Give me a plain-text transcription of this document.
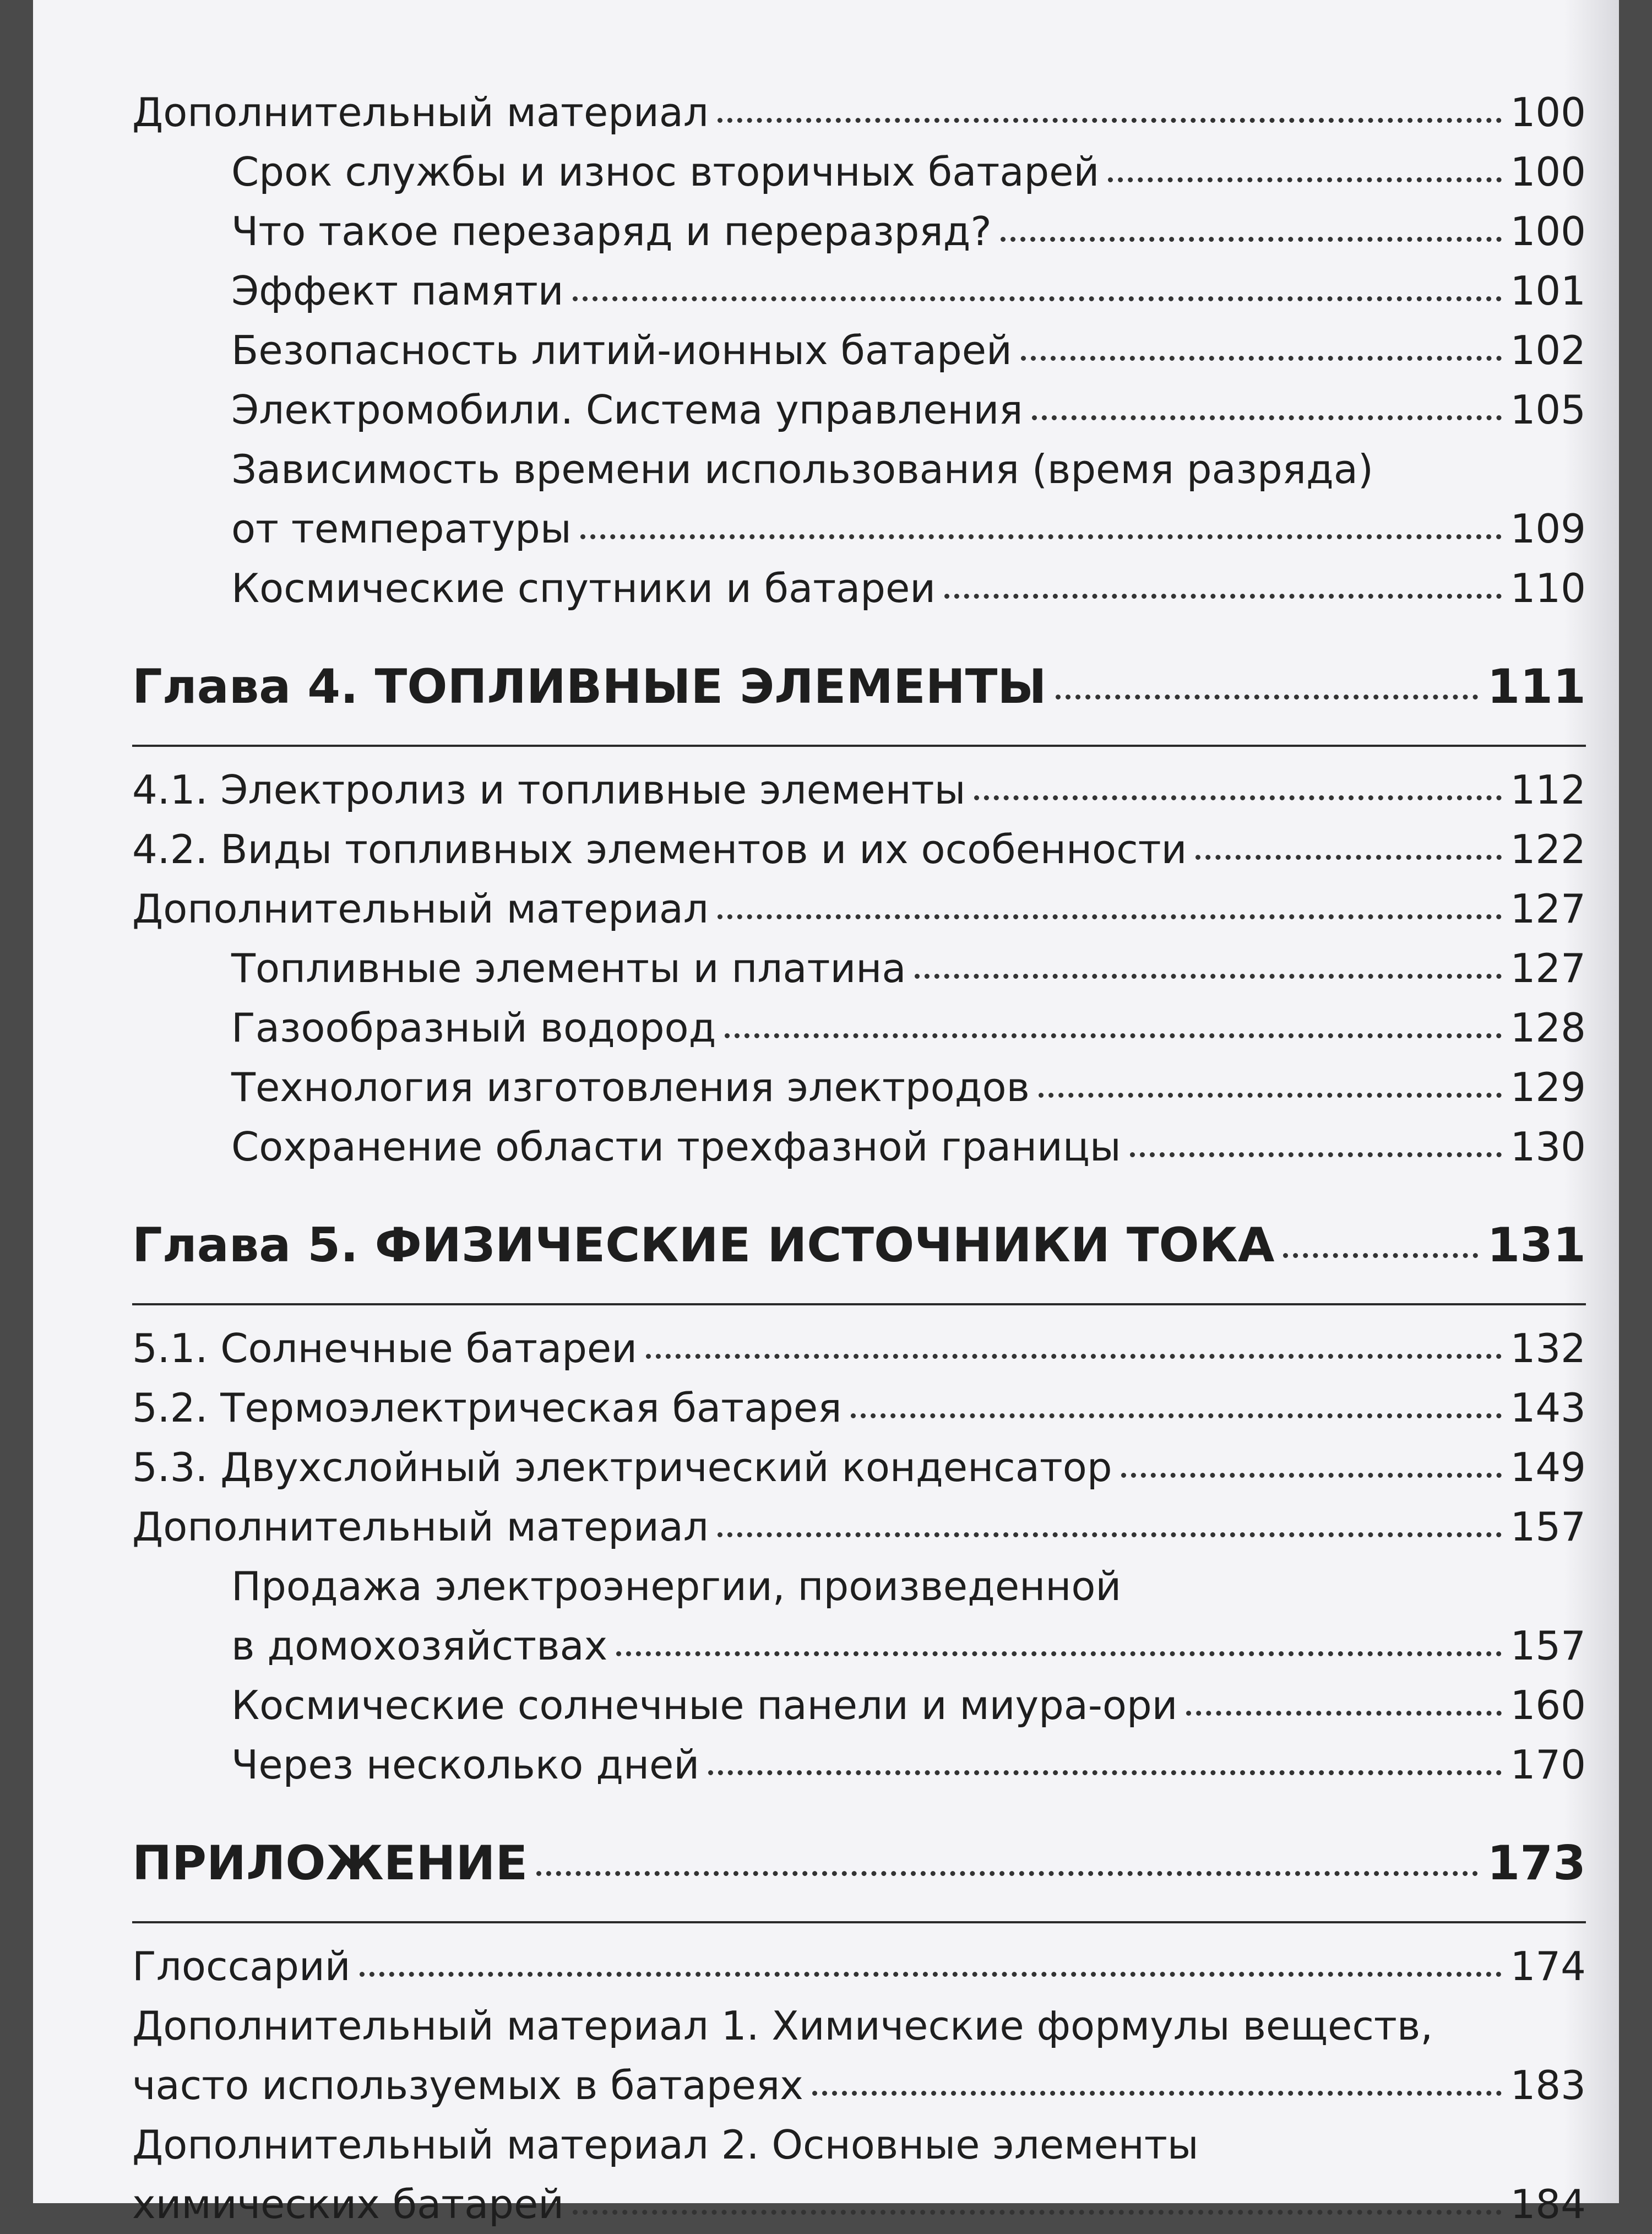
Дополнительный материал	100
Срок службы и износ вторичных батарей	100
Что такое перезаряд и переразряд?	100
Эффект памяти	101
Безопасность литий-ионных батарей	102
Электромобили. Система управления	105
Зависимость времени использования (время разряда)
от температуры	109
Космические спутники и батареи	110
Глава 4. ТОПЛИВНЫЕ ЭЛЕМЕНТЫ	111
4.1. Электролиз и топливные элементы	112
4.2. Виды топливных элементов и их особенности	122
Дополнительный материал	127
Топливные элементы и платина	127
Газообразный водород	128
Технология изготовления электродов	129
Сохранение области трехфазной границы	130
Глава 5. ФИЗИЧЕСКИЕ ИСТОЧНИКИ ТОКА	131
5.1. Солнечные батареи	132
5.2. Термоэлектрическая батарея	143
5.3. Двухслойный электрический конденсатор	149
Дополнительный материал	157
Продажа электроэнергии, произведенной
в домохозяйствах	157
Космические солнечные панели и миура-ори	160
Через несколько дней	170
ПРИЛОЖЕНИЕ	173
Глоссарий	174
Дополнительный материал 1. Химические формулы веществ,
часто используемых в батареях	183
Дополнительный материал 2. Основные элементы
химических батарей	184
